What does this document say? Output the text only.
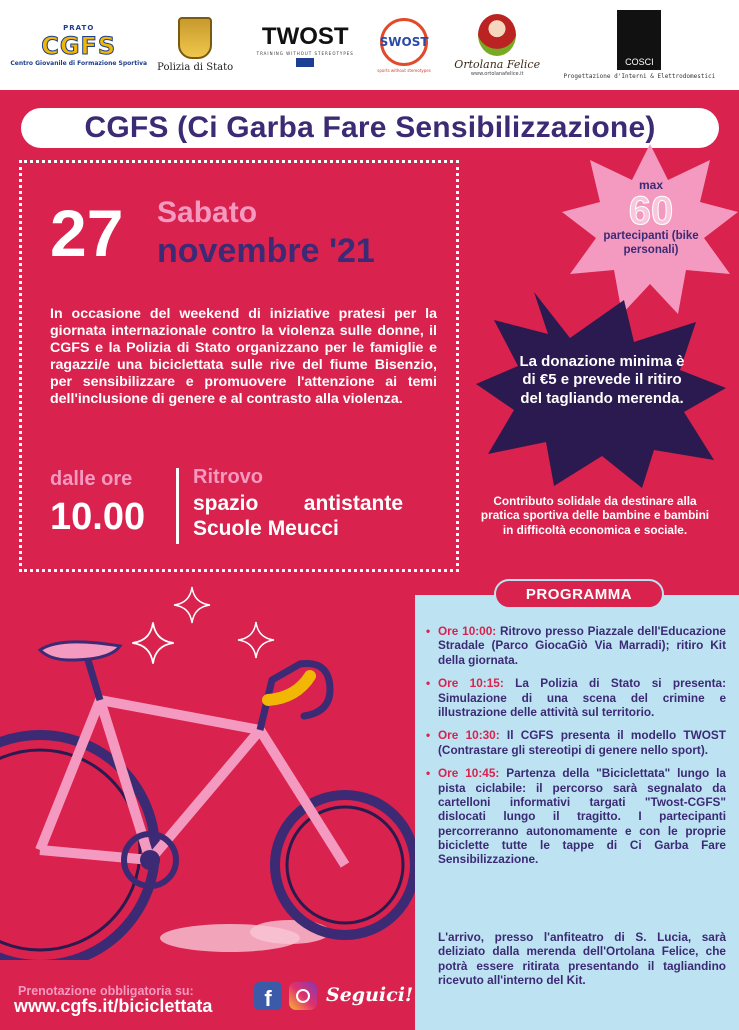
PRATO
CGFS
Centro Giovanile di Formazione Sportiva Polizia di Stato
TWOST
TRAINING WITHOUT STEREOTYPES
SWOST
sports without stereotypes Ortolana Felice
www.ortolanafelice.it
COSCI
Progettazione d'Interni & Elettrodomestici
CGFS (Ci Garba Fare Sensibilizzazione)
27 Sabato
novembre '21

In occasione del weekend di iniziative pratesi per la giornata internazionale contro la violenza sulle donne, il CGFS e la Polizia di Stato organizzano per le famiglie e ragazzi/e una biciclettata sulle rive del fiume Bisenzio, per sensibilizzare e promuovere l'attenzione ai temi dell'inclusione di genere e al contrasto alla violenza.

dalle ore
10.00
Ritrovo
spazio antistante Scuole Meucci
max
60
partecipanti (bike personali)
La donazione minima è di €5 e prevede il ritiro del tagliando merenda.
Contributo solidale da destinare alla pratica sportiva delle bambine e bambini in difficoltà economica e sociale.
PROGRAMMA
• Ore 10:00: Ritrovo presso Piazzale dell'Educazione Stradale (Parco GiocaGiò Via Marradi); ritiro Kit della giornata.
• Ore 10:15: La Polizia di Stato si presenta: Simulazione di una scena del crimine e illustrazione delle attività sul territorio.
• Ore 10:30: Il CGFS presenta il modello TWOST (Contrastare gli stereotipi di genere nello sport).
• Ore 10:45: Partenza della "Biciclettata" lungo la pista ciclabile: il percorso sarà segnalato da cartelloni informativi targati "Twost-CGFS" dislocati lungo il tragitto. I partecipanti percorreranno autonomamente e con le proprie biciclette tutte le tappe di Ci Garba Fare Sensibilizzazione.

L'arrivo, presso l'anfiteatro di S. Lucia, sarà deliziato dalla merenda dell'Ortolana Felice, che potrà essere ritirata presentando il tagliandino ricevuto all'interno del Kit.

Prenotazione obbligatoria su:
www.cgfs.it/biciclettata	f	Seguici!
